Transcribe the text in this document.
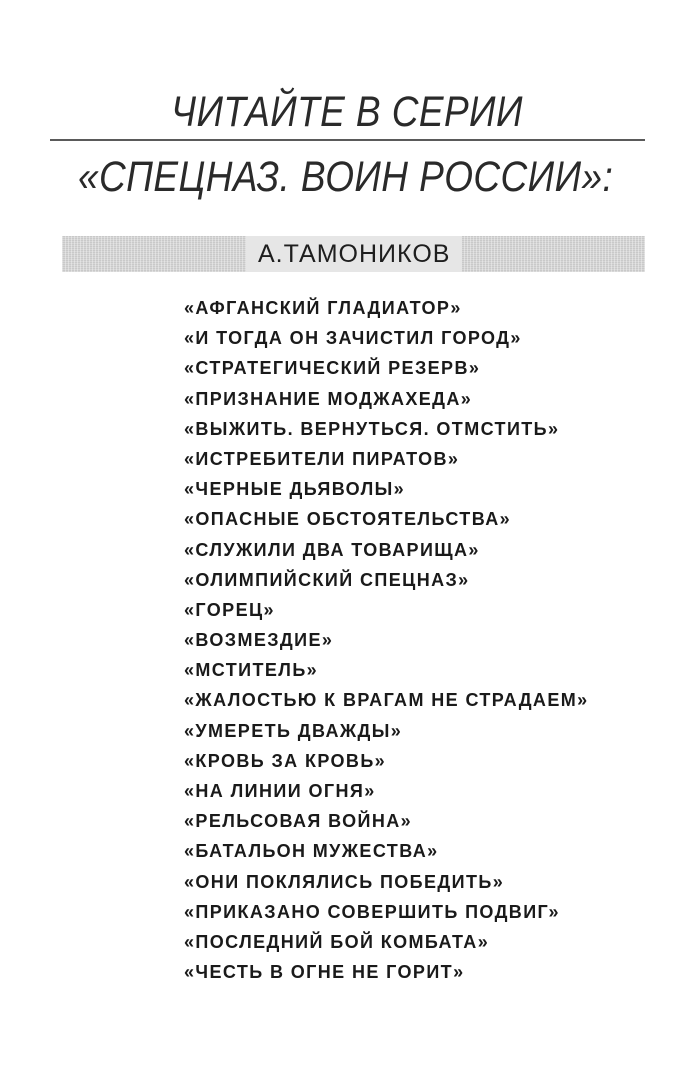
ЧИТАЙТЕ В СЕРИИ
«СПЕЦНАЗ. ВОИН РОССИИ»:
А.ТАМОНИКОВ
«АФГАНСКИЙ ГЛАДИАТОР»
«И ТОГДА ОН ЗАЧИСТИЛ ГОРОД»
«СТРАТЕГИЧЕСКИЙ РЕЗЕРВ»
«ПРИЗНАНИЕ МОДЖАХЕДА»
«ВЫЖИТЬ. ВЕРНУТЬСЯ. ОТМСТИТЬ»
«ИСТРЕБИТЕЛИ ПИРАТОВ»
«ЧЕРНЫЕ ДЬЯВОЛЫ»
«ОПАСНЫЕ ОБСТОЯТЕЛЬСТВА»
«СЛУЖИЛИ ДВА ТОВАРИЩА»
«ОЛИМПИЙСКИЙ СПЕЦНАЗ»
«ГОРЕЦ»
«ВОЗМЕЗДИЕ»
«МСТИТЕЛЬ»
«ЖАЛОСТЬЮ К ВРАГАМ НЕ СТРАДАЕМ»
«УМЕРЕТЬ ДВАЖДЫ»
«КРОВЬ ЗА КРОВЬ»
«НА ЛИНИИ ОГНЯ»
«РЕЛЬСОВАЯ ВОЙНА»
«БАТАЛЬОН МУЖЕСТВА»
«ОНИ ПОКЛЯЛИСЬ ПОБЕДИТЬ»
«ПРИКАЗАНО СОВЕРШИТЬ ПОДВИГ»
«ПОСЛЕДНИЙ БОЙ КОМБАТА»
«ЧЕСТЬ В ОГНЕ НЕ ГОРИТ»
